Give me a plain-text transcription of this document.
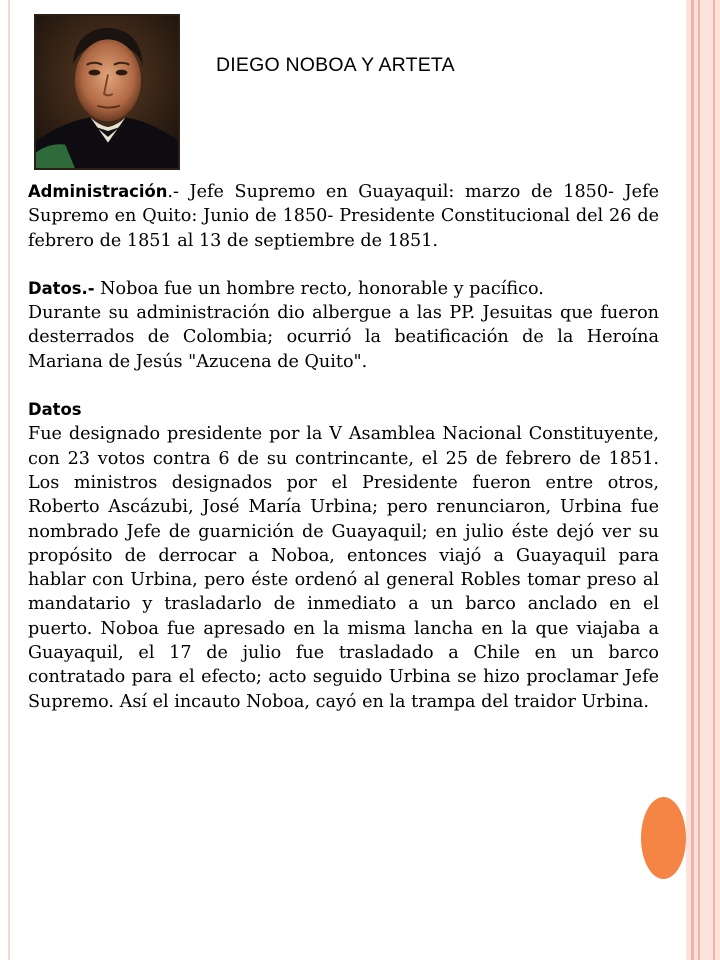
DIEGO NOBOA Y ARTETA

Administración.- Jefe Supremo en Guayaquil: marzo de 1850- Jefe Supremo en Quito: Junio de 1850- Presidente Constitucional del 26 de febrero de 1851 al 13 de septiembre de 1851.

Datos.- Noboa fue un hombre recto, honorable y pacífico.

Durante su administración dio albergue a las PP. Jesuitas que fueron desterrados de Colombia; ocurrió la beatificación de la Heroína Mariana de Jesús "Azucena de Quito".

Datos

Fue designado presidente por la V Asamblea Nacional Constituyente, con 23 votos contra 6 de su contrincante, el 25 de febrero de 1851. Los ministros designados por el Presidente fueron entre otros, Roberto Ascázubi, José María Urbina; pero renunciaron, Urbina fue nombrado Jefe de guarnición de Guayaquil; en julio éste dejó ver su propósito de derrocar a Noboa, entonces viajó a Guayaquil para hablar con Urbina, pero éste ordenó al general Robles tomar preso al mandatario y trasladarlo de inmediato a un barco anclado en el puerto. Noboa fue apresado en la misma lancha en la que viajaba a Guayaquil, el 17 de julio fue trasladado a Chile en un barco contratado para el efecto; acto seguido Urbina se hizo proclamar Jefe Supremo. Así el incauto Noboa, cayó en la trampa del traidor Urbina.
